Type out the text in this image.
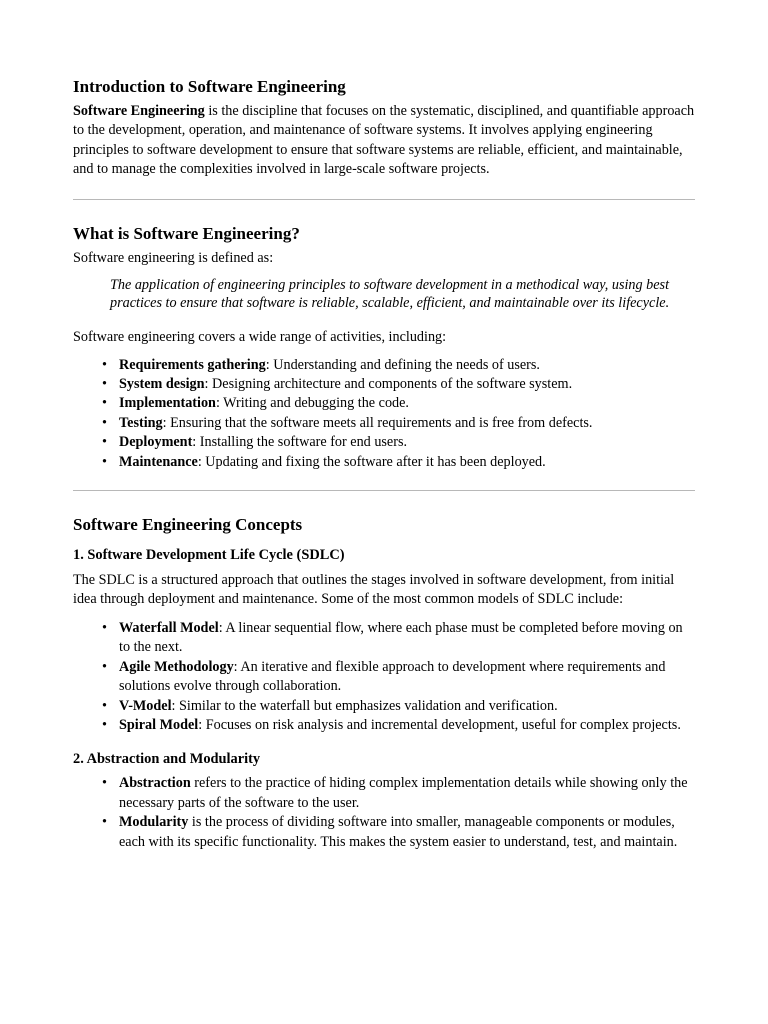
Introduction to Software Engineering

Software Engineering is the discipline that focuses on the systematic, disciplined, and quantifiable approach to the development, operation, and maintenance of software systems. It involves applying engineering principles to software development to ensure that software systems are reliable, efficient, and maintainable, and to manage the complexities involved in large-scale software projects.

What is Software Engineering?

Software engineering is defined as:

The application of engineering principles to software development in a methodical way, using best practices to ensure that software is reliable, scalable, efficient, and maintainable over its lifecycle.

Software engineering covers a wide range of activities, including:

• Requirements gathering: Understanding and defining the needs of users.
• System design: Designing architecture and components of the software system.
• Implementation: Writing and debugging the code.
• Testing: Ensuring that the software meets all requirements and is free from defects.
• Deployment: Installing the software for end users.
• Maintenance: Updating and fixing the software after it has been deployed.
Software Engineering Concepts
1. Software Development Life Cycle (SDLC)

The SDLC is a structured approach that outlines the stages involved in software development, from initial idea through deployment and maintenance. Some of the most common models of SDLC include:

• Waterfall Model: A linear sequential flow, where each phase must be completed before moving on to the next.
• Agile Methodology: An iterative and flexible approach to development where requirements and solutions evolve through collaboration.
• V-Model: Similar to the waterfall but emphasizes validation and verification.
• Spiral Model: Focuses on risk analysis and incremental development, useful for complex projects.
2. Abstraction and Modularity
• Abstraction refers to the practice of hiding complex implementation details while showing only the necessary parts of the software to the user.
• Modularity is the process of dividing software into smaller, manageable components or modules, each with its specific functionality. This makes the system easier to understand, test, and maintain.
